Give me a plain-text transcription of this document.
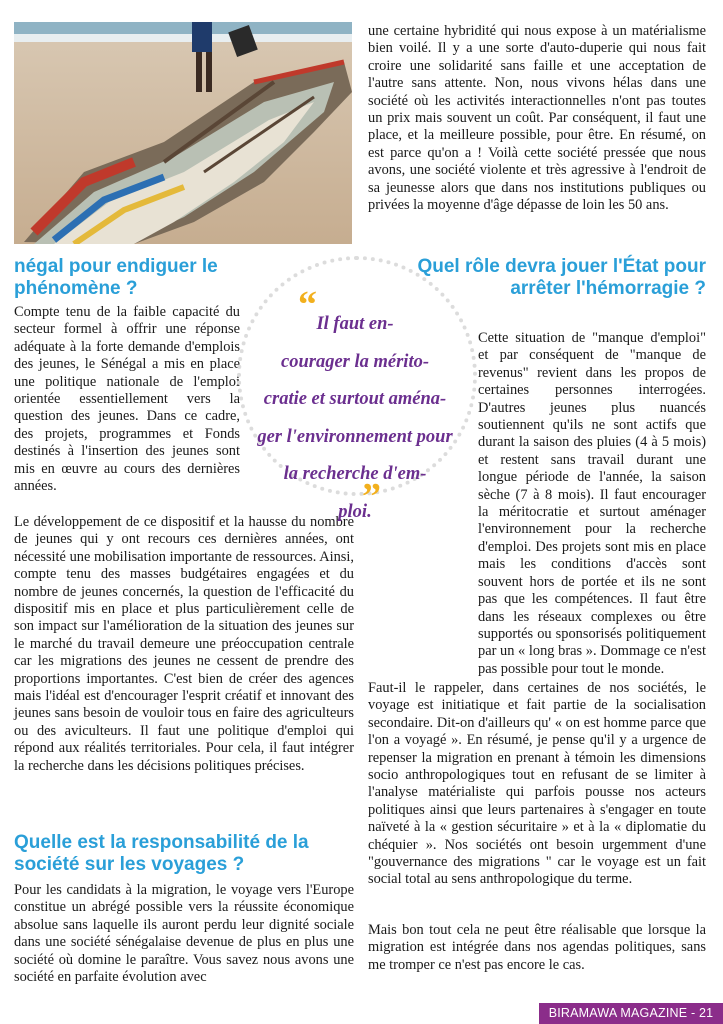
une certaine hybridité qui nous expose à un matérialisme bien voilé. Il y a une sorte d'auto-duperie qui nous fait croire une solidarité sans faille et une acceptation de l'autre sans attente. Non, nous vivons hélas dans une société où les activités interactionnelles n'ont pas toutes un prix mais souvent un coût. Par conséquent, il faut une place, et la meilleure possible, pour être. En résumé, on est parce qu'on a ! Voilà cette société pressée que nous avons, une société violente et très agressive à l'endroit de sa jeunesse alors que dans nos institutions publiques ou privées la moyenne d'âge dépasse de loin les 50 ans.

négal pour endiguer le phénomène ?

Compte tenu de la faible capacité du secteur formel à offrir une réponse adéquate à la forte demande d'emplois des jeunes, le Sénégal a mis en place une politique nationale de l'emploi orientée essentiellement vers la question des jeunes. Dans ce cadre, des projets, programmes et Fonds destinés à l'insertion des jeunes sont mis en œuvre au cours des dernières années.

Le développement de ce dispositif et la hausse du nombre de jeunes qui y ont recours ces dernières années, ont nécessité une mobilisation importante de ressources. Ainsi, compte tenu des masses budgétaires engagées et du nombre de jeunes concernés, la question de l'efficacité du dispositif mis en place et plus particulièrement celle de son impact sur l'amélioration de la situation des jeunes sur le marché du travail demeure une préoccupation centrale car les migrations des jeunes ne cessent de prendre des proportions importantes. C'est bien de créer des agences mais l'idéal est d'encourager l'esprit créatif et innovant des jeunes sans besoin de vouloir tous en faire des agriculteurs ou des aviculteurs. Il faut une politique d'emploi qui répond aux réalités territoriales. Pour cela, il faut intégrer la recherche dans les décisions politiques précises.

Quelle est la responsabilité de la société sur les voyages ?

Pour les candidats à la migration, le voyage vers l'Europe constitue un abrégé possible vers la réussite économique absolue sans laquelle ils auront perdu leur dignité sociale dans une société sénégalaise devenue de plus en plus une société où domine le paraître. Vous savez nous avons une société en parfaite évolution avec

“
”
Il faut en-
courager la mérito-
cratie et surtout aména-
ger l'environnement pour
la recherche d'em-
ploi.
Quel rôle devra jouer l'État pour arrêter l'hémorragie ?

Cette situation de "manque d'emploi" et par conséquent de "manque de revenus" revient dans les propos de certaines personnes interrogées. D'autres jeunes plus nuancés soutiennent qu'ils ne sont actifs que durant la saison des pluies (4 à 5 mois) et restent sans travail durant une longue période de l'année, la saison sèche (7 à 8 mois). Il faut encourager la méritocratie et surtout aménager l'environnement pour la recherche d'emploi. Des projets sont mis en place mais les conditions d'accès sont souvent hors de portée et ils ne sont pas que les compétences. Il faut être dans les réseaux complexes ou être supportés ou sponsorisés politiquement par un « long bras ». Dommage ce n'est pas possible pour tout le monde.

Faut-il le rappeler, dans certaines de nos sociétés, le voyage est initiatique et fait partie de la socialisation secondaire. Dit-on d'ailleurs qu' « on est homme parce que l'on a voyagé ». En résumé, je pense qu'il y a urgence de repenser la migration en prenant à témoin les dimensions socio anthropologiques tout en refusant de se limiter à l'analyse matérialiste qui parfois pousse nos acteurs politiques ainsi que leurs partenaires à s'engager en toute naïveté à la « gestion sécuritaire » et à la « diplomatie du chéquier ». Nos sociétés ont besoin urgemment d'une "gouvernance des migrations " car le voyage est un fait social total au sens anthropologique du terme.

Mais bon tout cela ne peut être réalisable que lorsque la migration est intégrée dans nos agendas politiques, sans me tromper ce n'est pas encore le cas.

BIRAMAWA MAGAZINE - 21
